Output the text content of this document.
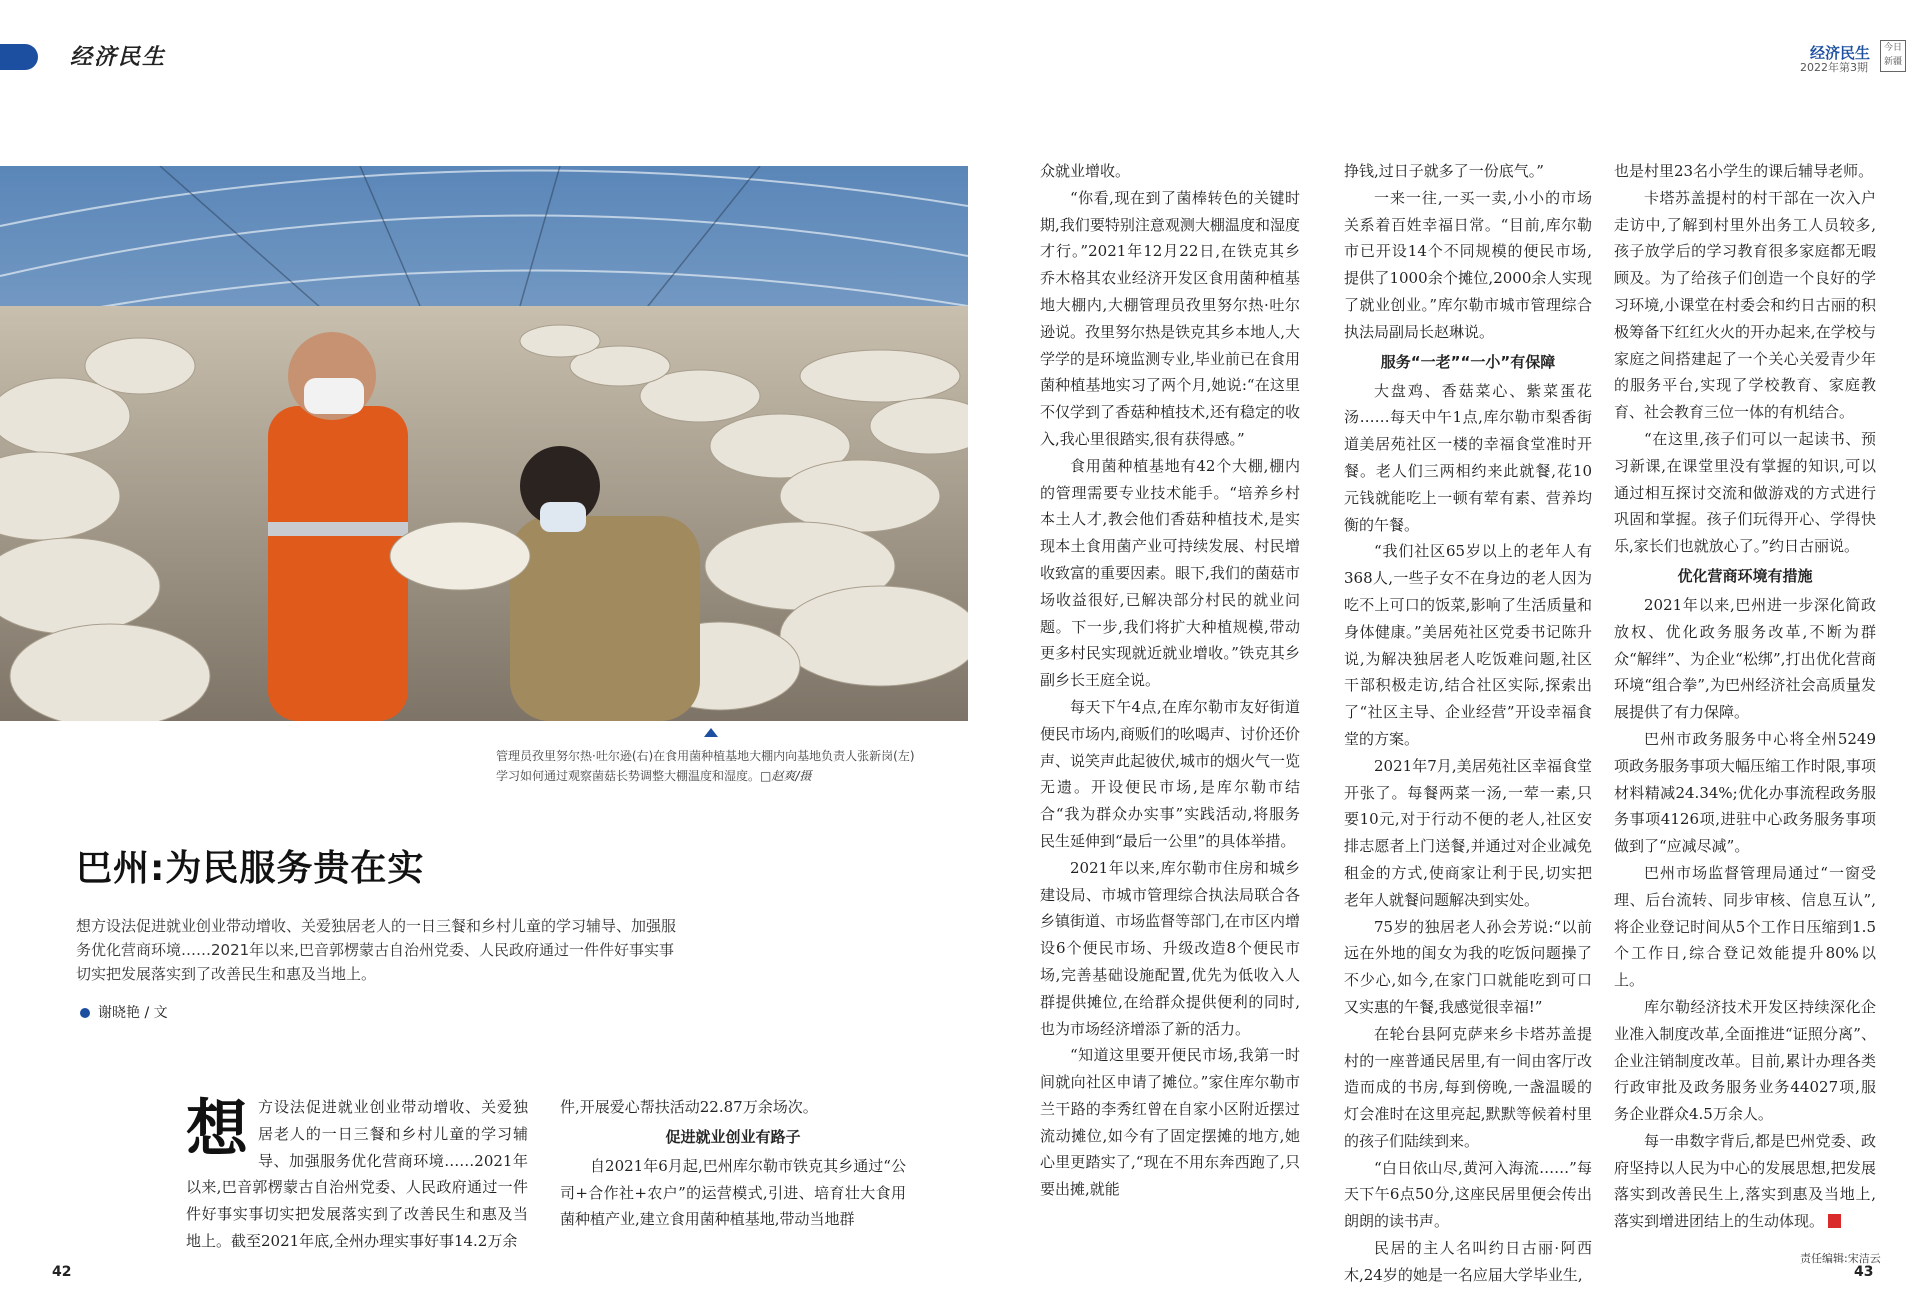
经济民生	经济民生
2022年第3期
今日新疆
管理员孜里努尔热·吐尔逊(右)在食用菌种植基地大棚内向基地负责人张新岗(左)学习如何通过观察菌菇长势调整大棚温度和湿度。□赵爽/摄
巴州:为民服务贵在实
想方设法促进就业创业带动增收、关爱独居老人的一日三餐和乡村儿童的学习辅导、加强服务优化营商环境……2021年以来,巴音郭楞蒙古自治州党委、人民政府通过一件件好事实事切实把发展落实到了改善民生和惠及当地上。
谢晓艳 / 文
想 方设法促进就业创业带动增收、关爱独居老人的一日三餐和乡村儿童的学习辅导、加强服务优化营商环境……2021年以来,巴音郭楞蒙古自治州党委、人民政府通过一件件好事实事切实把发展落实到了改善民生和惠及当地上。截至2021年底,全州办理实事好事14.2万余

件,开展爱心帮扶活动22.87万余场次。

促进就业创业有路子

自2021年6月起,巴州库尔勒市铁克其乡通过“公司+合作社+农户”的运营模式,引进、培育壮大食用菌种植产业,建立食用菌种植基地,带动当地群

众就业增收。

“你看,现在到了菌棒转色的关键时期,我们要特别注意观测大棚温度和湿度才行。”2021年12月22日,在铁克其乡乔木格其农业经济开发区食用菌种植基地大棚内,大棚管理员孜里努尔热·吐尔逊说。孜里努尔热是铁克其乡本地人,大学学的是环境监测专业,毕业前已在食用菌种植基地实习了两个月,她说:“在这里不仅学到了香菇种植技术,还有稳定的收入,我心里很踏实,很有获得感。”

食用菌种植基地有42个大棚,棚内的管理需要专业技术能手。“培养乡村本土人才,教会他们香菇种植技术,是实现本土食用菌产业可持续发展、村民增收致富的重要因素。眼下,我们的菌菇市场收益很好,已解决部分村民的就业问题。下一步,我们将扩大种植规模,带动更多村民实现就近就业增收。”铁克其乡副乡长王庭全说。

每天下午4点,在库尔勒市友好街道便民市场内,商贩们的吆喝声、讨价还价声、说笑声此起彼伏,城市的烟火气一览无遗。开设便民市场,是库尔勒市结合“我为群众办实事”实践活动,将服务民生延伸到“最后一公里”的具体举措。

2021年以来,库尔勒市住房和城乡建设局、市城市管理综合执法局联合各乡镇街道、市场监督等部门,在市区内增设6个便民市场、升级改造8个便民市场,完善基础设施配置,优先为低收入人群提供摊位,在给群众提供便利的同时,也为市场经济增添了新的活力。

“知道这里要开便民市场,我第一时间就向社区申请了摊位。”家住库尔勒市兰干路的李秀红曾在自家小区附近摆过流动摊位,如今有了固定摆摊的地方,她心里更踏实了,“现在不用东奔西跑了,只要出摊,就能

挣钱,过日子就多了一份底气。”

一来一往,一买一卖,小小的市场关系着百姓幸福日常。“目前,库尔勒市已开设14个不同规模的便民市场,提供了1000余个摊位,2000余人实现了就业创业。”库尔勒市城市管理综合执法局副局长赵琳说。

服务“一老”“一小”有保障

大盘鸡、香菇菜心、紫菜蛋花汤……每天中午1点,库尔勒市梨香街道美居苑社区一楼的幸福食堂准时开餐。老人们三两相约来此就餐,花10元钱就能吃上一顿有荤有素、营养均衡的午餐。

“我们社区65岁以上的老年人有368人,一些子女不在身边的老人因为吃不上可口的饭菜,影响了生活质量和身体健康。”美居苑社区党委书记陈升说,为解决独居老人吃饭难问题,社区干部积极走访,结合社区实际,探索出了“社区主导、企业经营”开设幸福食堂的方案。

2021年7月,美居苑社区幸福食堂开张了。每餐两菜一汤,一荤一素,只要10元,对于行动不便的老人,社区安排志愿者上门送餐,并通过对企业减免租金的方式,使商家让利于民,切实把老年人就餐问题解决到实处。

75岁的独居老人孙会芳说:“以前远在外地的闺女为我的吃饭问题操了不少心,如今,在家门口就能吃到可口又实惠的午餐,我感觉很幸福!”

在轮台县阿克萨来乡卡塔苏盖提村的一座普通民居里,有一间由客厅改造而成的书房,每到傍晚,一盏温暖的灯会准时在这里亮起,默默等候着村里的孩子们陆续到来。

“白日依山尽,黄河入海流……”每天下午6点50分,这座民居里便会传出朗朗的读书声。

民居的主人名叫约日古丽·阿西木,24岁的她是一名应届大学毕业生,

也是村里23名小学生的课后辅导老师。

卡塔苏盖提村的村干部在一次入户走访中,了解到村里外出务工人员较多,孩子放学后的学习教育很多家庭都无暇顾及。为了给孩子们创造一个良好的学习环境,小课堂在村委会和约日古丽的积极筹备下红红火火的开办起来,在学校与家庭之间搭建起了一个关心关爱青少年的服务平台,实现了学校教育、家庭教育、社会教育三位一体的有机结合。

“在这里,孩子们可以一起读书、预习新课,在课堂里没有掌握的知识,可以通过相互探讨交流和做游戏的方式进行巩固和掌握。孩子们玩得开心、学得快乐,家长们也就放心了。”约日古丽说。

优化营商环境有措施

2021年以来,巴州进一步深化简政放权、优化政务服务改革,不断为群众“解绊”、为企业“松绑”,打出优化营商环境“组合拳”,为巴州经济社会高质量发展提供了有力保障。

巴州市政务服务中心将全州5249项政务服务事项大幅压缩工作时限,事项材料精减24.34%;优化办事流程政务服务事项4126项,进驻中心政务服务事项做到了“应减尽减”。

巴州市场监督管理局通过“一窗受理、后台流转、同步审核、信息互认”,将企业登记时间从5个工作日压缩到1.5个工作日,综合登记效能提升80%以上。

库尔勒经济技术开发区持续深化企业准入制度改革,全面推进“证照分离”、企业注销制度改革。目前,累计办理各类行政审批及政务服务业务44027项,服务企业群众4.5万余人。

每一串数字背后,都是巴州党委、政府坚持以人民为中心的发展思想,把发展落实到改善民生上,落实到惠及当地上,落实到增进团结上的生动体现。

责任编辑:宋洁云
42	43
